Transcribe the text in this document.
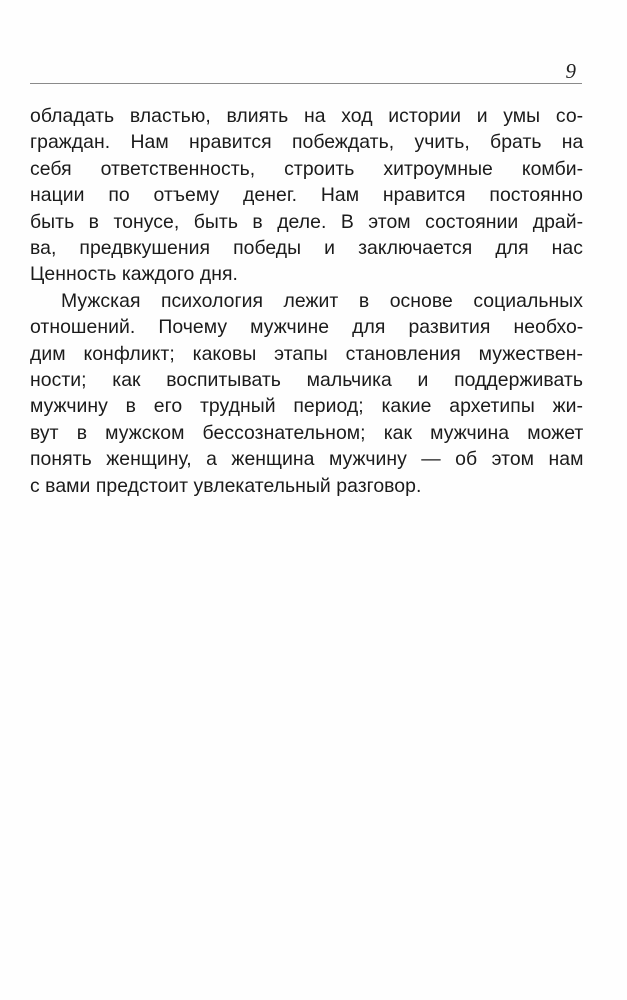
9

обладать властью, влиять на ход истории и умы со-
граждан. Нам нравится побеждать, учить, брать на
себя ответственность, строить хитроумные комби-
нации по отъему денег. Нам нравится постоянно
быть в тонусе, быть в деле. В этом состоянии драй-
ва, предвкушения победы и заключается для нас
Ценность каждого дня.

Мужская психология лежит в основе социальных
отношений. Почему мужчине для развития необхо-
дим конфликт; каковы этапы становления мужествен-
ности; как воспитывать мальчика и поддерживать
мужчину в его трудный период; какие архетипы жи-
вут в мужском бессознательном; как мужчина может
понять женщину, а женщина мужчину — об этом нам
с вами предстоит увлекательный разговор.
